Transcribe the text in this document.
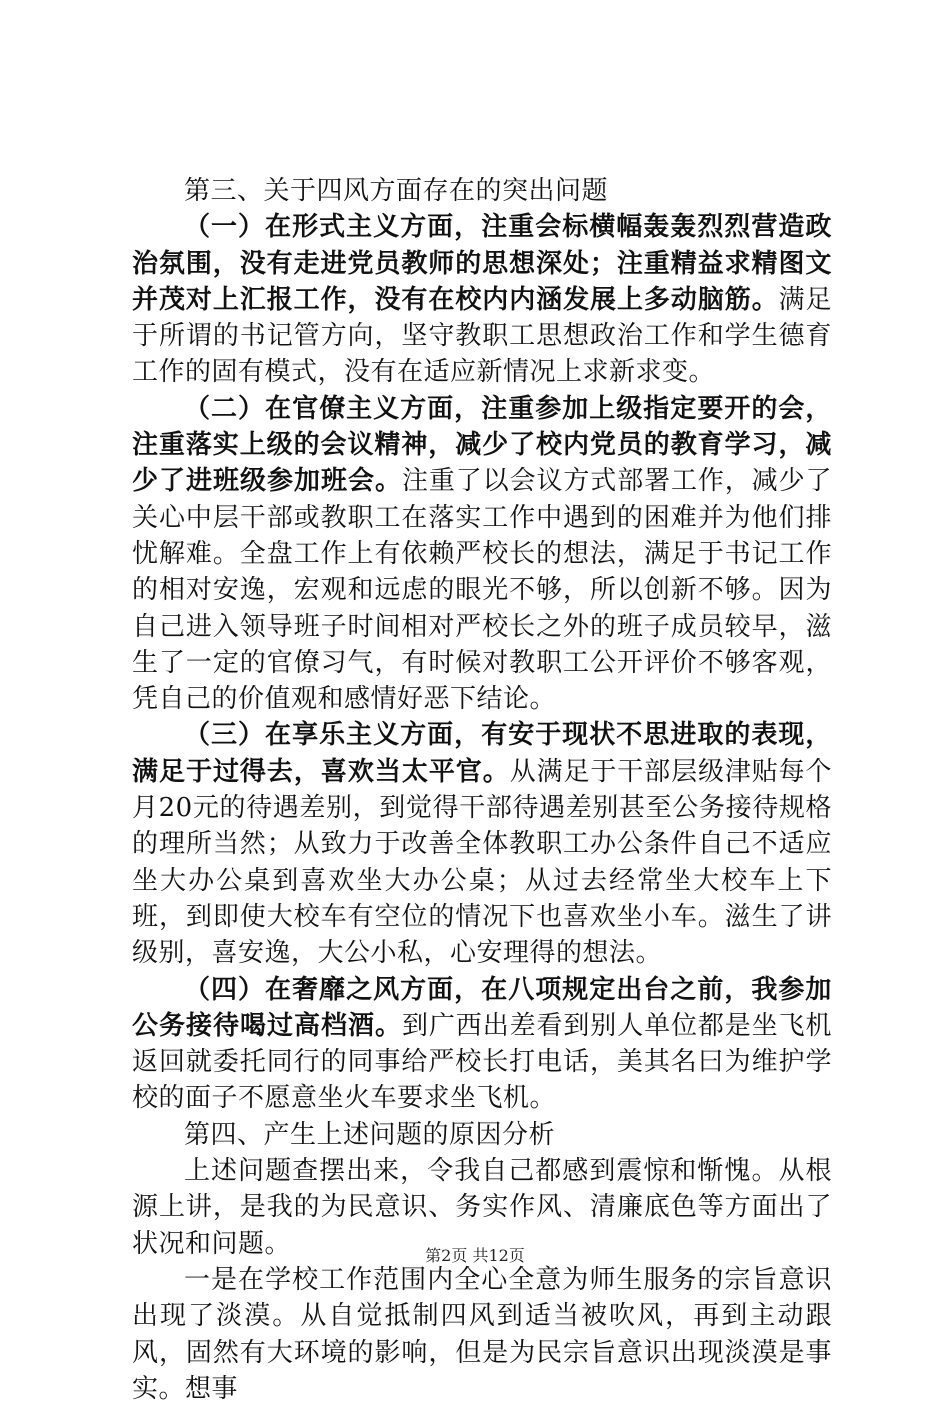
第三、关于四风方面存在的突出问题

（一）在形式主义方面，注重会标横幅轰轰烈烈营造政治氛围，没有走进党员教师的思想深处；注重精益求精图文并茂对上汇报工作，没有在校内内涵发展上多动脑筋。满足于所谓的书记管方向，坚守教职工思想政治工作和学生德育工作的固有模式，没有在适应新情况上求新求变。

（二）在官僚主义方面，注重参加上级指定要开的会，注重落实上级的会议精神，减少了校内党员的教育学习，减少了进班级参加班会。注重了以会议方式部署工作，减少了关心中层干部或教职工在落实工作中遇到的困难并为他们排忧解难。全盘工作上有依赖严校长的想法，满足于书记工作的相对安逸，宏观和远虑的眼光不够，所以创新不够。因为自己进入领导班子时间相对严校长之外的班子成员较早，滋生了一定的官僚习气，有时候对教职工公开评价不够客观，凭自己的价值观和感情好恶下结论。

（三）在享乐主义方面，有安于现状不思进取的表现，满足于过得去，喜欢当太平官。从满足于干部层级津贴每个月20元的待遇差别，到觉得干部待遇差别甚至公务接待规格的理所当然；从致力于改善全体教职工办公条件自己不适应坐大办公桌到喜欢坐大办公桌；从过去经常坐大校车上下班，到即使大校车有空位的情况下也喜欢坐小车。滋生了讲级别，喜安逸，大公小私，心安理得的想法。

（四）在奢靡之风方面，在八项规定出台之前，我参加公务接待喝过高档酒。到广西出差看到别人单位都是坐飞机返回就委托同行的同事给严校长打电话，美其名曰为维护学校的面子不愿意坐火车要求坐飞机。

第四、产生上述问题的原因分析

上述问题查摆出来，令我自己都感到震惊和惭愧。从根源上讲，是我的为民意识、务实作风、清廉底色等方面出了状况和问题。

一是在学校工作范围内全心全意为师生服务的宗旨意识出现了淡漠。从自觉抵制四风到适当被吹风，再到主动跟风，固然有大环境的影响，但是为民宗旨意识出现淡漠是事实。想事

第2页 共12页
